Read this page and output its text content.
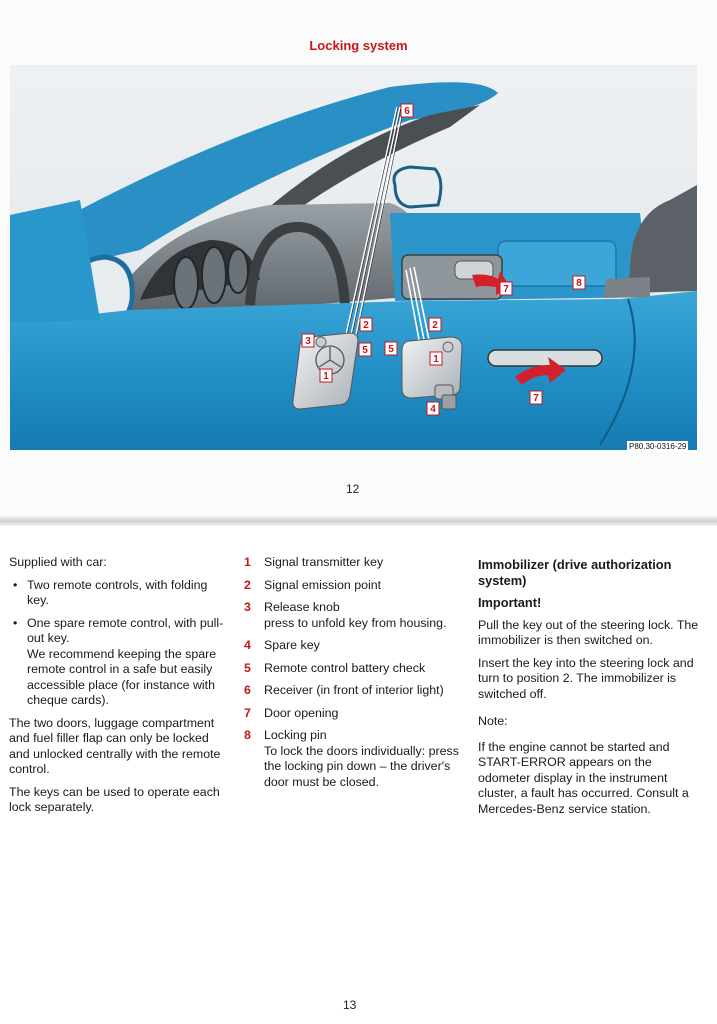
Locking system
6
3
2
5
1
5
2
1
4
7
8
7
P80.30-0316-29
12

Supplied with car:

• Two remote controls, with folding key.
• One spare remote control, with pull-out key.
We recommend keeping the spare remote control in a safe but easily accessible place (for instance with cheque cards).

The two doors, luggage compartment and fuel filler flap can only be locked and unlocked centrally with the remote control.

The keys can be used to operate each lock separately.

1	Signal transmitter key
2	Signal emission point
3	Release knob
press to unfold key from housing.
4	Spare key
5	Remote control battery check
6	Receiver (in front of interior light)
7	Door opening
8	Locking pin
To lock the doors individually: press the locking pin down – the driver's door must be closed.

Immobilizer (drive authorization system)

Important!

Pull the key out of the steering lock. The immobilizer is then switched on.

Insert the key into the steering lock and turn to position 2. The immobilizer is switched off.

Note:

If the engine cannot be started and START-ERROR appears on the odometer display in the instrument cluster, a fault has occurred. Consult a Mercedes-Benz service station.

13
